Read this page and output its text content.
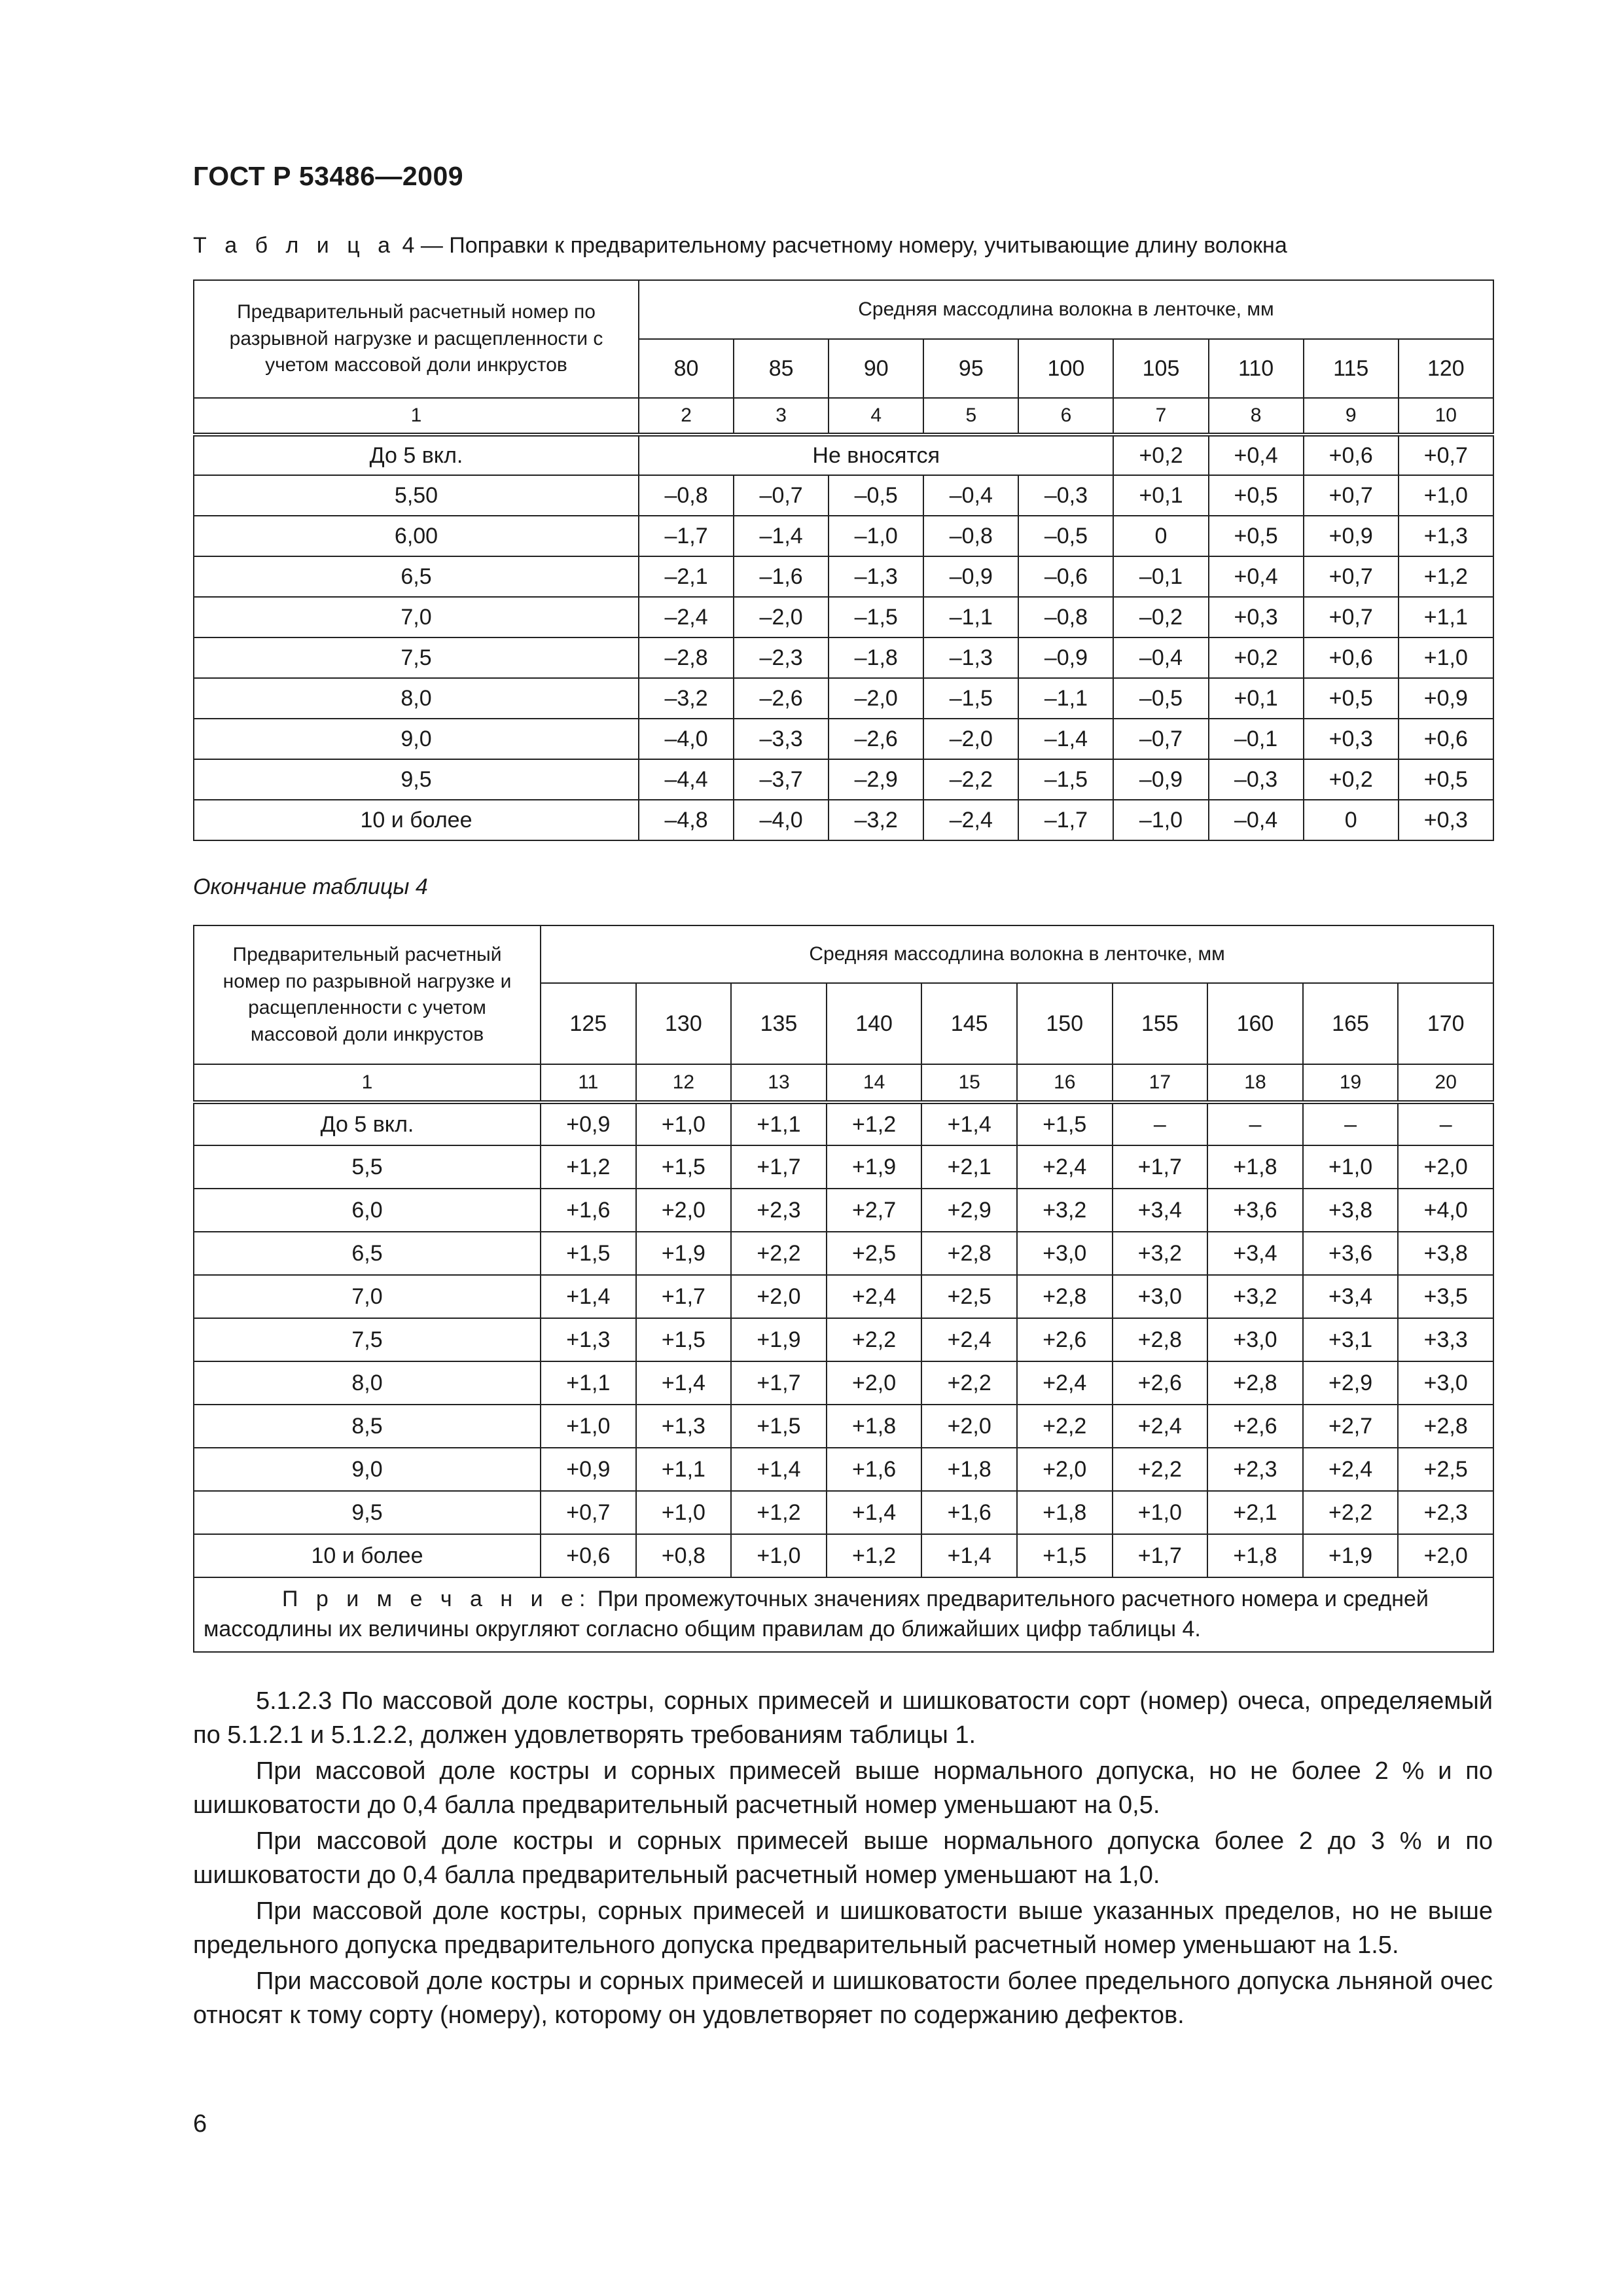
ГОСТ Р 53486—2009
Т а б л и ц а 4 — Поправки к предварительному расчетному номеру, учитывающие длину волокна
Предварительный расчетный номер по разрывной нагрузке и расщепленности с учетом массовой доли инкрустов	Средняя массодлина волокна в ленточке, мм								
	80	85	90	95	100	105	110	115	120
1	2	3	4	5	6	7	8	9	10
До 5 вкл.	Не вносятся					+0,2	+0,4	+0,6	+0,7
5,50	–0,8	–0,7	–0,5	–0,4	–0,3	+0,1	+0,5	+0,7	+1,0
6,00	–1,7	–1,4	–1,0	–0,8	–0,5	0	+0,5	+0,9	+1,3
6,5	–2,1	–1,6	–1,3	–0,9	–0,6	–0,1	+0,4	+0,7	+1,2
7,0	–2,4	–2,0	–1,5	–1,1	–0,8	–0,2	+0,3	+0,7	+1,1
7,5	–2,8	–2,3	–1,8	–1,3	–0,9	–0,4	+0,2	+0,6	+1,0
8,0	–3,2	–2,6	–2,0	–1,5	–1,1	–0,5	+0,1	+0,5	+0,9
9,0	–4,0	–3,3	–2,6	–2,0	–1,4	–0,7	–0,1	+0,3	+0,6
9,5	–4,4	–3,7	–2,9	–2,2	–1,5	–0,9	–0,3	+0,2	+0,5
10 и более	–4,8	–4,0	–3,2	–2,4	–1,7	–1,0	–0,4	0	+0,3
Окончание таблицы 4
Предварительный расчетный номер по разрывной нагрузке и расщепленности с учетом массовой доли инкрустов	Средняя массодлина волокна в ленточке, мм									
	125	130	135	140	145	150	155	160	165	170
1	11	12	13	14	15	16	17	18	19	20
До 5 вкл.	+0,9	+1,0	+1,1	+1,2	+1,4	+1,5	–	–	–	–
5,5	+1,2	+1,5	+1,7	+1,9	+2,1	+2,4	+1,7	+1,8	+1,0	+2,0
6,0	+1,6	+2,0	+2,3	+2,7	+2,9	+3,2	+3,4	+3,6	+3,8	+4,0
6,5	+1,5	+1,9	+2,2	+2,5	+2,8	+3,0	+3,2	+3,4	+3,6	+3,8
7,0	+1,4	+1,7	+2,0	+2,4	+2,5	+2,8	+3,0	+3,2	+3,4	+3,5
7,5	+1,3	+1,5	+1,9	+2,2	+2,4	+2,6	+2,8	+3,0	+3,1	+3,3
8,0	+1,1	+1,4	+1,7	+2,0	+2,2	+2,4	+2,6	+2,8	+2,9	+3,0
8,5	+1,0	+1,3	+1,5	+1,8	+2,0	+2,2	+2,4	+2,6	+2,7	+2,8
9,0	+0,9	+1,1	+1,4	+1,6	+1,8	+2,0	+2,2	+2,3	+2,4	+2,5
9,5	+0,7	+1,0	+1,2	+1,4	+1,6	+1,8	+1,0	+2,1	+2,2	+2,3
10 и более	+0,6	+0,8	+1,0	+1,2	+1,4	+1,5	+1,7	+1,8	+1,9	+2,0
П р и м е ч а н и е: При промежуточных значениях предварительного расчетного номера и средней массодлины их величины округляют согласно общим правилам до ближайших цифр таблицы 4.										

5.1.2.3 По массовой доле костры, сорных примесей и шишковатости сорт (номер) очеса, определяемый по 5.1.2.1 и 5.1.2.2, должен удовлетворять требованиям таблицы 1.

При массовой доле костры и сорных примесей выше нормального допуска, но не более 2 % и по шишковатости до 0,4 балла предварительный расчетный номер уменьшают на 0,5.

При массовой доле костры и сорных примесей выше нормального допуска более 2 до 3 % и по шишковатости до 0,4 балла предварительный расчетный номер уменьшают на 1,0.

При массовой доле костры, сорных примесей и шишковатости выше указанных пределов, но не выше предельного допуска предварительного допуска предварительный расчетный номер уменьшают на 1.5.

При массовой доле костры и сорных примесей и шишковатости более предельного допуска льняной очес относят к тому сорту (номеру), которому он удовлетворяет по содержанию дефектов.

6
